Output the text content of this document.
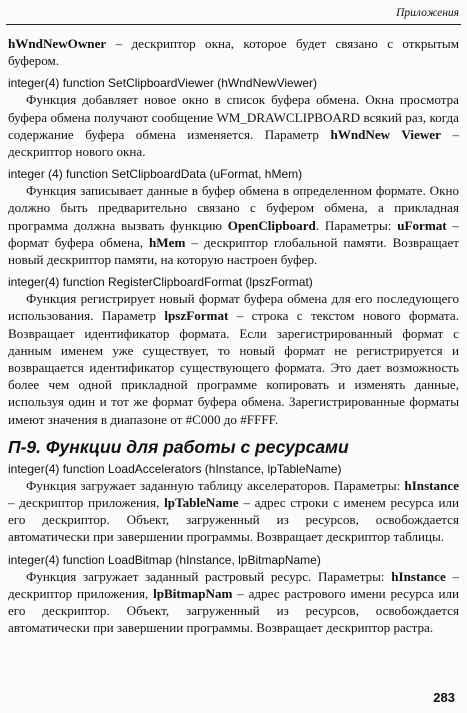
Приложения

hWndNewOwner – дескриптор окна, которое будет связано с открытым буфером.

integer(4) function SetClipboardViewer (hWndNewViewer)

Функция добавляет новое окно в список буфера обмена. Окна просмотра буфера обмена получают сообщение WM_DRAWCLIPBOARD всякий раз, когда содержание буфера обмена изменяется. Параметр hWndNew Viewer – дескриптор нового окна.

integer (4) function SetClipboardData (uFormat, hMem)

Функция записывает данные в буфер обмена в определенном формате. Окно должно быть предварительно связано с буфером обмена, а прикладная программа должна вызвать функцию OpenClipboard. Параметры: uFormat – формат буфера обмена, hMem – дескриптор глобальной памяти. Возвращает новый дескриптор памяти, на которую настроен буфер.

integer(4) function RegisterClipboardFormat (lpszFormat)

Функция регистрирует новый формат буфера обмена для его последующего использования. Параметр lpszFormat – строка с текстом нового формата. Возвращает идентификатор формата. Если зарегистрированный формат с данным именем уже существует, то новый формат не регистрируется и возвращается идентификатор существующего формата. Это дает возможность более чем одной прикладной программе копировать и изменять данные, используя один и тот же формат буфера обмена. Зарегистрированные форматы имеют значения в диапазоне от #C000 до #FFFF.

П-9. Функции для работы с ресурсами

integer(4) function LoadAccelerators (hInstance, lpTableName)

Функция загружает заданную таблицу акселераторов. Параметры: hInstance – дескриптор приложения, lpTableName – адрес строки с именем ресурса или его дескриптор. Объект, загруженный из ресурсов, освобождается автоматически при завершении программы. Возвращает дескриптор таблицы.

integer(4) function LoadBitmap (hInstance, lpBitmapName)

Функция загружает заданный растровый ресурс. Параметры: hInstance – дескриптор приложения, lpBitmapNam – адрес растрового имени ресурса или его дескриптор. Объект, загруженный из ресурсов, освобождается автоматически при завершении программы. Возвращает дескриптор растра.

283
